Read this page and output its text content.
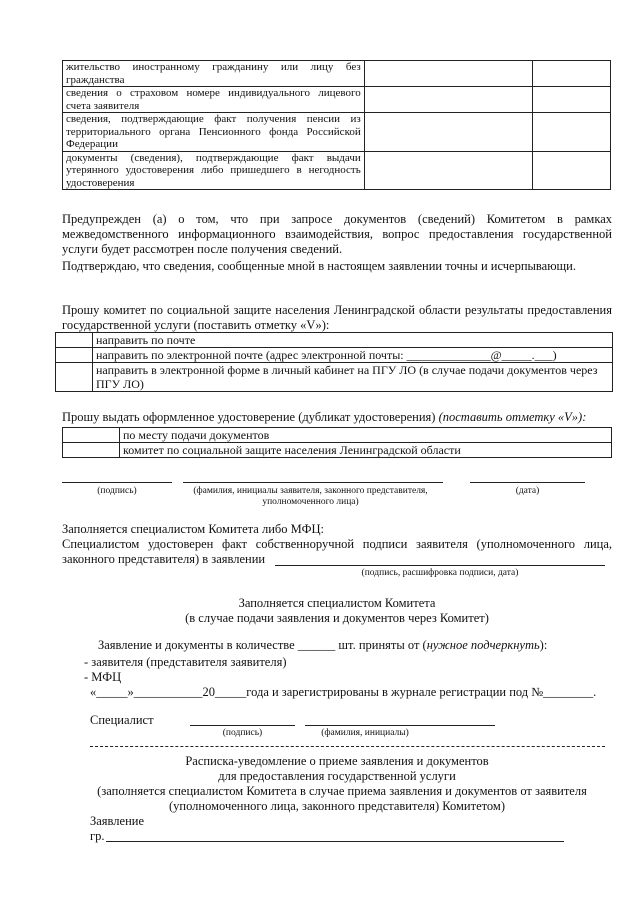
жительство иностранному гражданину или лицу без гражданства		
сведения о страховом номере индивидуального лицевого счета заявителя		
сведения, подтверждающие факт получения пенсии из территориального органа Пенсионного фонда Российской Федерации		
документы (сведения), подтверждающие факт выдачи утерянного удостоверения либо пришедшего в негодность удостоверения		
Предупрежден (а) о том, что при запросе документов (сведений) Комитетом в рамках межведомственного информационного взаимодействия, вопрос предоставления государственной услуги будет рассмотрен после получения сведений.
Подтверждаю, что сведения, сообщенные мной в настоящем заявлении точны и исчерпывающи.
Прошу комитет по социальной защите населения Ленинградской области результаты предоставления государственной услуги (поставить отметку «V»):
	направить по почте
	направить по электронной почте (адрес электронной почты: ______________@_____.___)
	направить в электронной форме в личный кабинет на ПГУ ЛО (в случае подачи документов через ПГУ ЛО)
Прошу выдать оформленное удостоверение (дубликат удостоверения) (поставить отметку «V»):
	по месту подачи документов
	комитет по социальной защите населения Ленинградской области
(подпись)	(фамилия, инициалы заявителя, законного представителя, уполномоченного лица)
(дата)
Заполняется специалистом Комитета либо МФЦ:
Специалистом удостоверен факт собственноручной подписи заявителя (уполномоченного лица, законного представителя) в заявлении
(подпись, расшифровка подписи, дата)
Заполняется специалистом Комитета
(в случае подачи заявления и документов через Комитет)
Заявление и документы в количестве ______ шт. приняты от (нужное подчеркнуть):
- заявителя (представителя заявителя)
- МФЦ
«_____»___________20_____года и зарегистрированы в журнале регистрации под №________.
Специалист
(подпись)	(фамилия, инициалы)
Расписка-уведомление о приеме заявления и документов
для предоставления государственной услуги
(заполняется специалистом Комитета в случае приема заявления и документов от заявителя
(уполномоченного лица, законного представителя) Комитетом)
Заявление
гр.
